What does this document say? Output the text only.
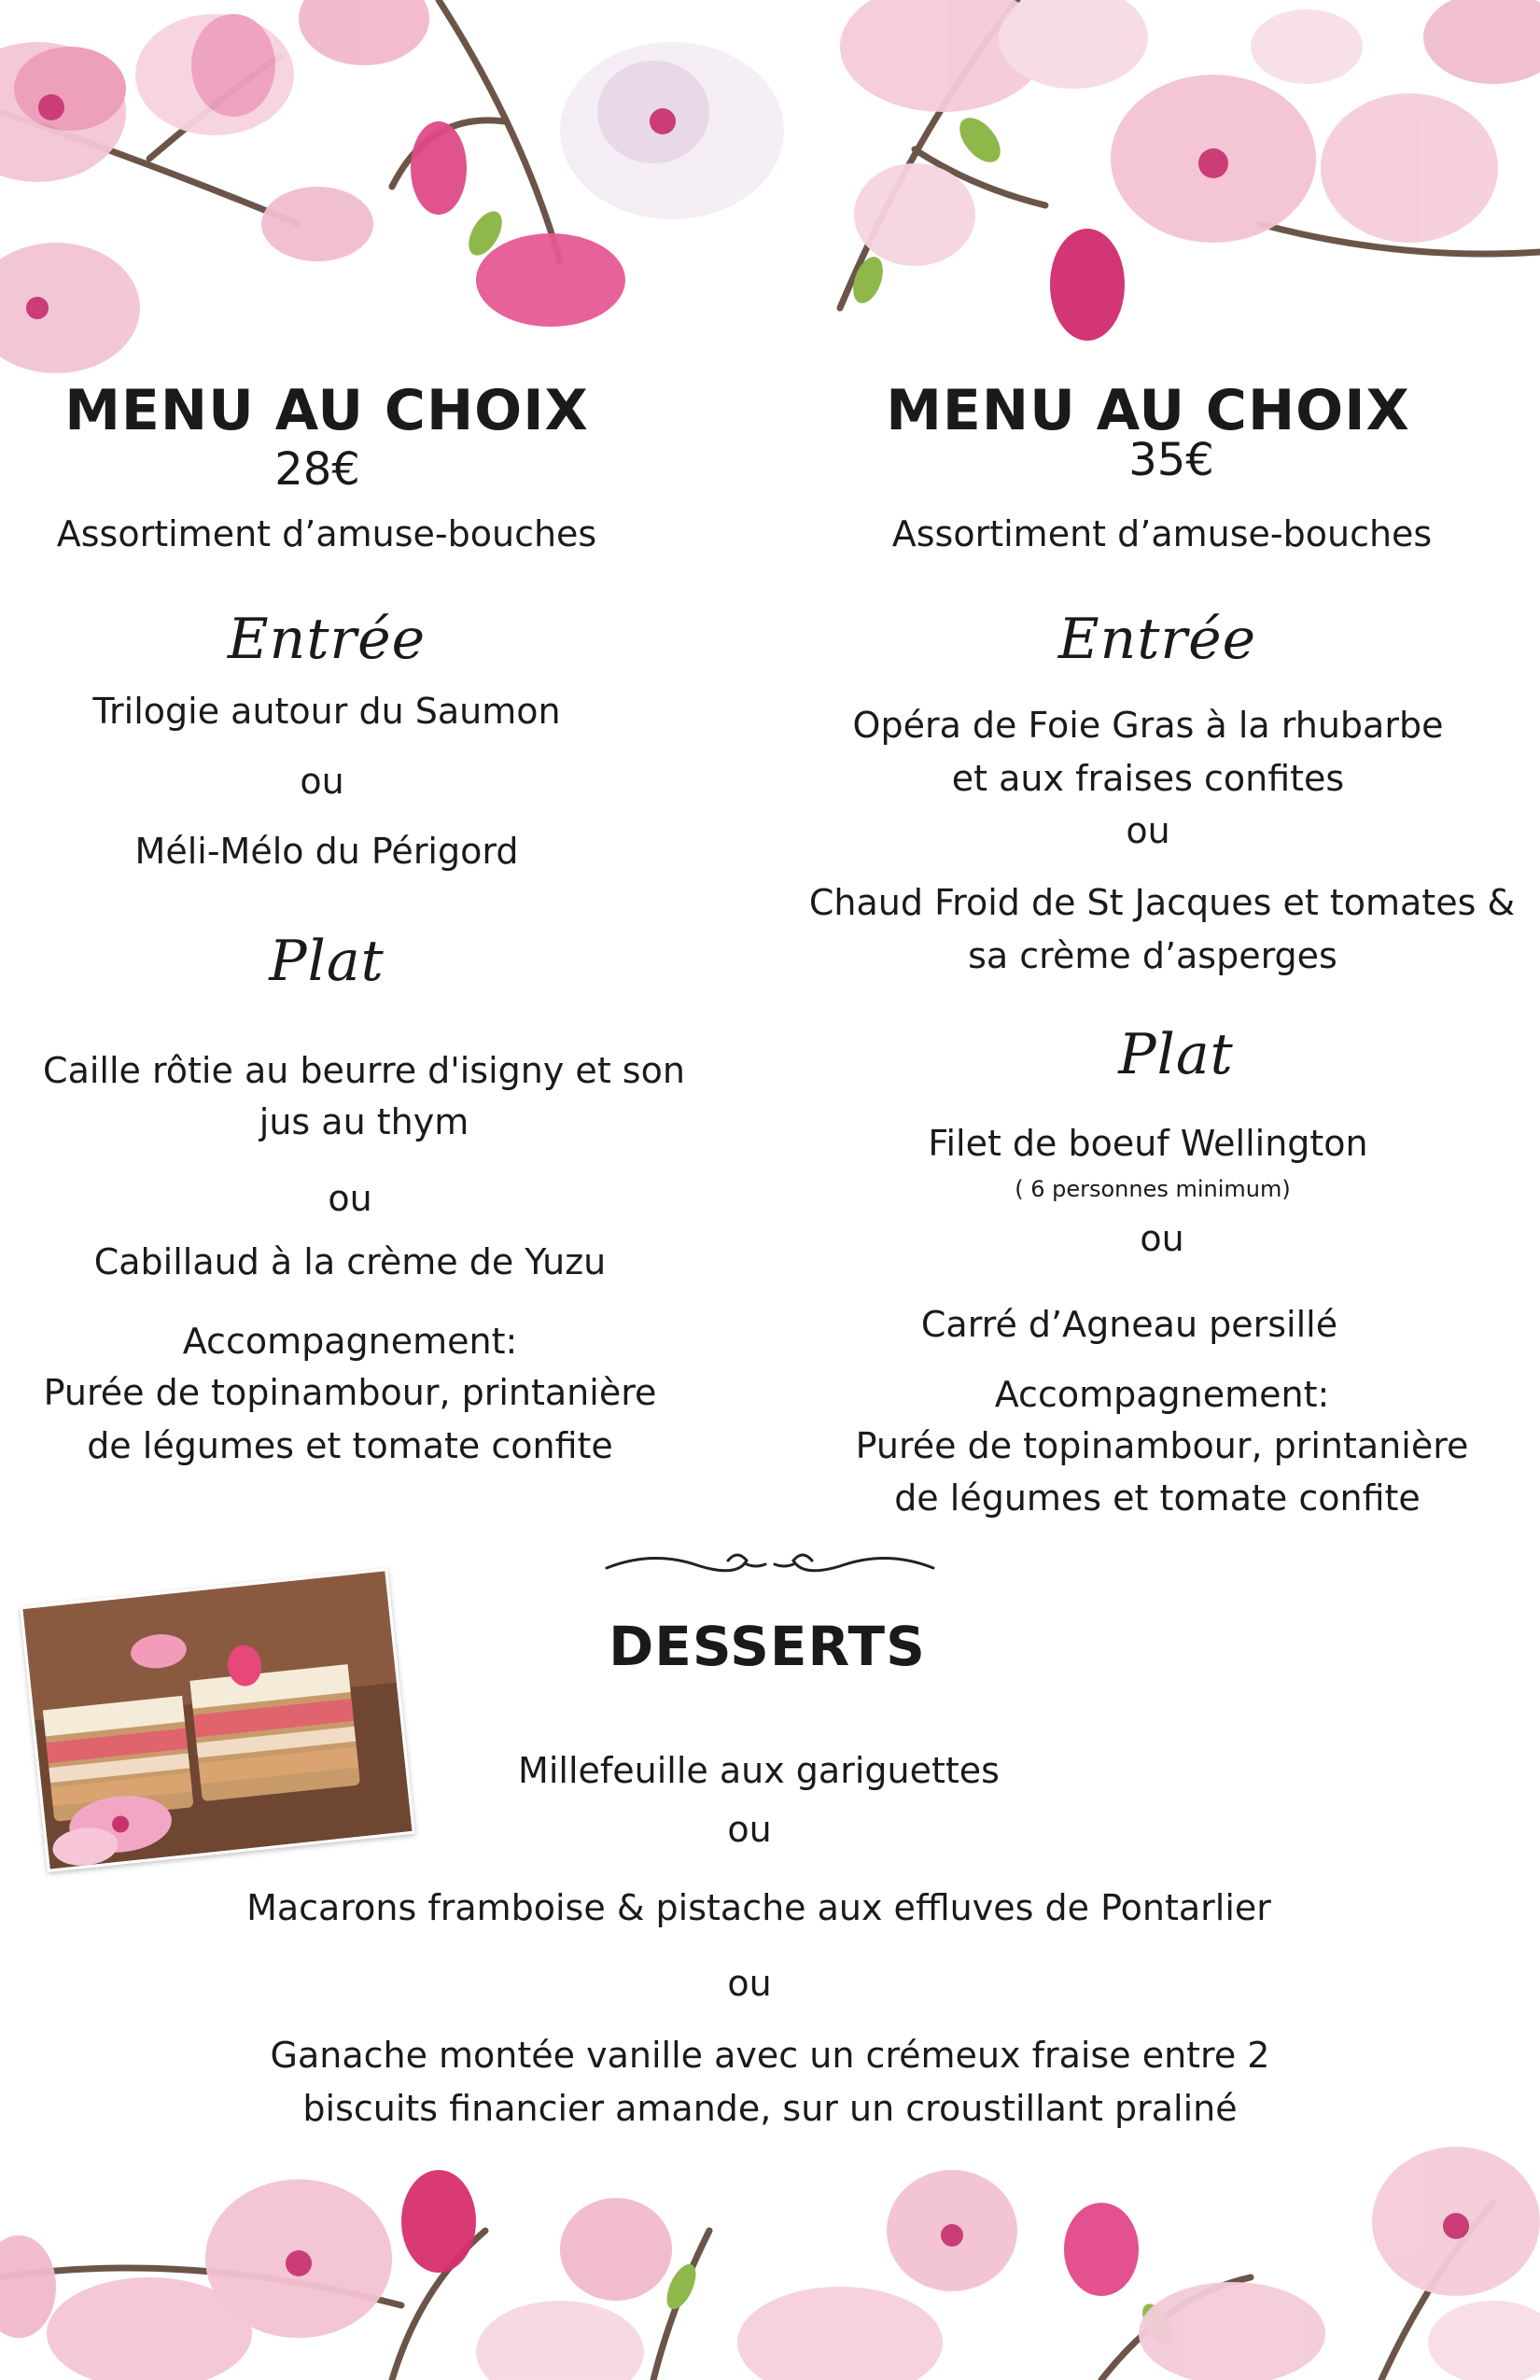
MENU AU CHOIX
28€
Assortiment d’amuse-bouches
Entrée
Trilogie autour du Saumon
ou
Méli-Mélo du Périgord
Plat
Caille rôtie au beurre d'isigny et son
jus au thym
ou
Cabillaud à la crème de Yuzu
Accompagnement:
Purée de topinambour, printanière
de légumes et tomate confite
MENU AU CHOIX
35€
Assortiment d’amuse-bouches
Entrée
Opéra de Foie Gras à la rhubarbe
et aux fraises confites
ou
Chaud Froid de St Jacques et tomates &
sa crème d’asperges
Plat
Filet de boeuf Wellington
( 6 personnes minimum)
ou
Carré d’Agneau persillé
Accompagnement:
Purée de topinambour, printanière
de légumes et tomate confite
DESSERTS
Millefeuille aux gariguettes
ou
Macarons framboise & pistache aux effluves de Pontarlier
ou
Ganache montée vanille avec un crémeux fraise entre 2
biscuits financier amande, sur un croustillant praliné
